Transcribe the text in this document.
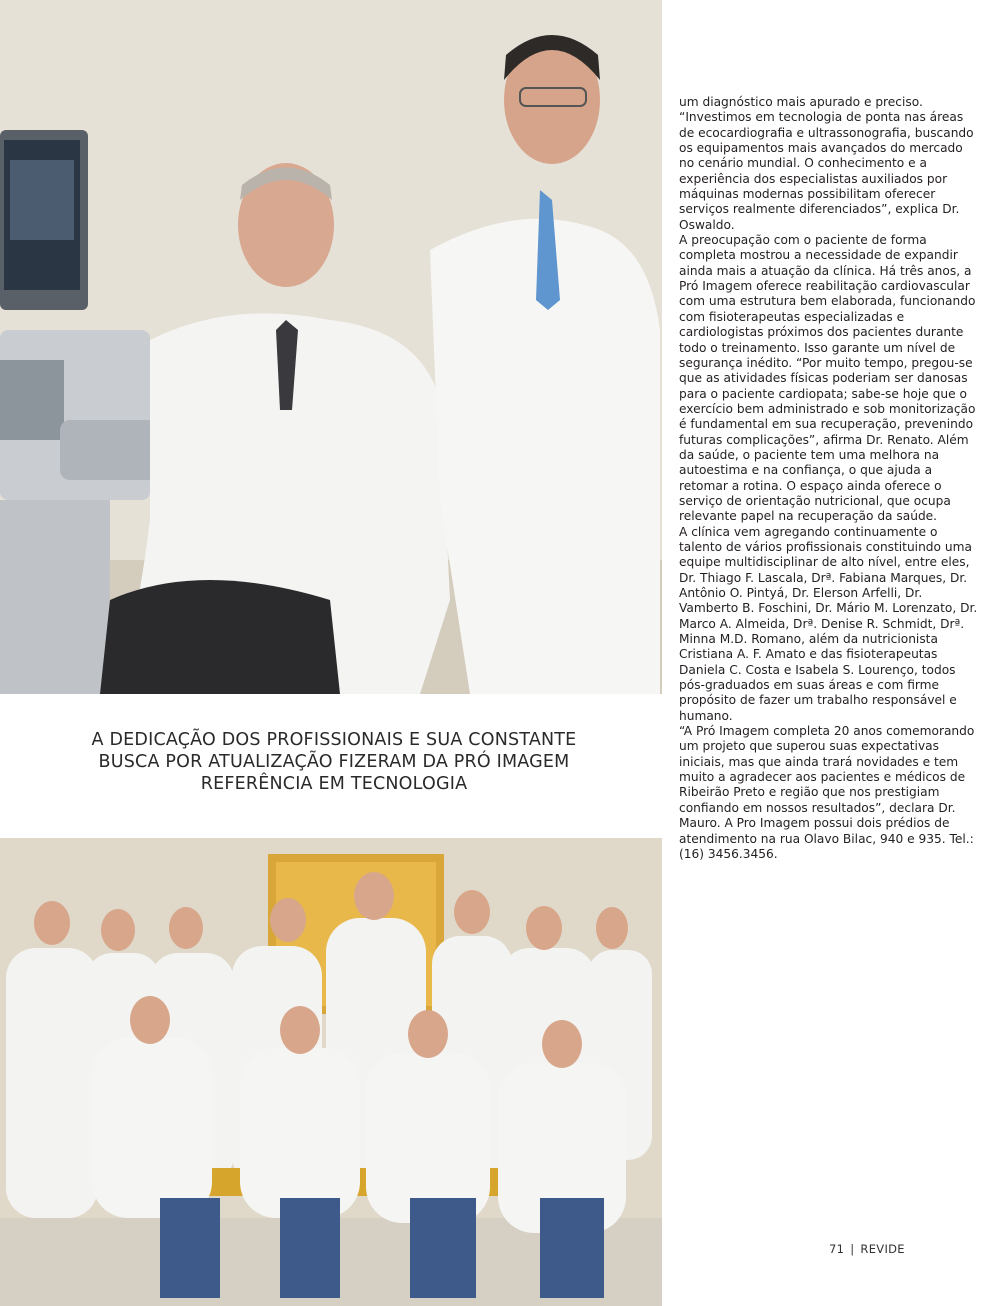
A DEDICAÇÃO DOS PROFISSIONAIS E SUA CONSTANTE
BUSCA POR ATUALIZAÇÃO FIZERAM DA PRÓ IMAGEM
REFERÊNCIA EM TECNOLOGIA

um diagnóstico mais apurado e preciso. “Investimos em tecnologia de ponta nas áreas de ecocardiografia e ultrassonografia, buscando os equipamentos mais avançados do mercado no cenário mundial. O conhecimento e a experiência dos especialistas auxiliados por máquinas modernas possibilitam oferecer serviços realmente diferenciados”, explica Dr. Oswaldo.

A preocupação com o paciente de forma completa mostrou a necessidade de expandir ainda mais a atuação da clínica. Há três anos, a Pró Imagem oferece reabilitação cardiovascular com uma estrutura bem elaborada, funcionando com fisioterapeutas especializadas e cardiologistas próximos dos pacientes durante todo o treinamento. Isso garante um nível de segurança inédito. “Por muito tempo, pregou-se que as atividades físicas poderiam ser danosas para o paciente cardiopata; sabe-se hoje que o exercício bem administrado e sob monitorização é fundamental em sua recuperação, prevenindo futuras complicações”, afirma Dr. Renato. Além da saúde, o paciente tem uma melhora na autoestima e na confiança, o que ajuda a retomar a rotina. O espaço ainda oferece o serviço de orientação nutricional, que ocupa relevante papel na recuperação da saúde.

A clínica vem agregando continuamente o talento de vários profissionais constituindo uma equipe multidisciplinar de alto nível, entre eles, Dr. Thiago F. Lascala, Drª. Fabiana Marques, Dr. Antônio O. Pintyá, Dr. Elerson Arfelli, Dr. Vamberto B. Foschini, Dr. Mário M. Lorenzato, Dr. Marco A. Almeida, Drª. Denise R. Schmidt, Drª. Minna M.D. Romano, além da nutricionista Cristiana A. F. Amato e das fisioterapeutas Daniela C. Costa e Isabela S. Lourenço, todos pós-graduados em suas áreas e com firme propósito de fazer um trabalho responsável e humano.

“A Pró Imagem completa 20 anos comemorando um projeto que superou suas expectativas iniciais, mas que ainda trará novidades e tem muito a agradecer aos pacientes e médicos de Ribeirão Preto e região que nos prestigiam confiando em nossos resultados”, declara Dr. Mauro. A Pro Imagem possui dois prédios de atendimento na rua Olavo Bilac, 940 e 935. Tel.: (16) 3456.3456.

71 | REVIDE
